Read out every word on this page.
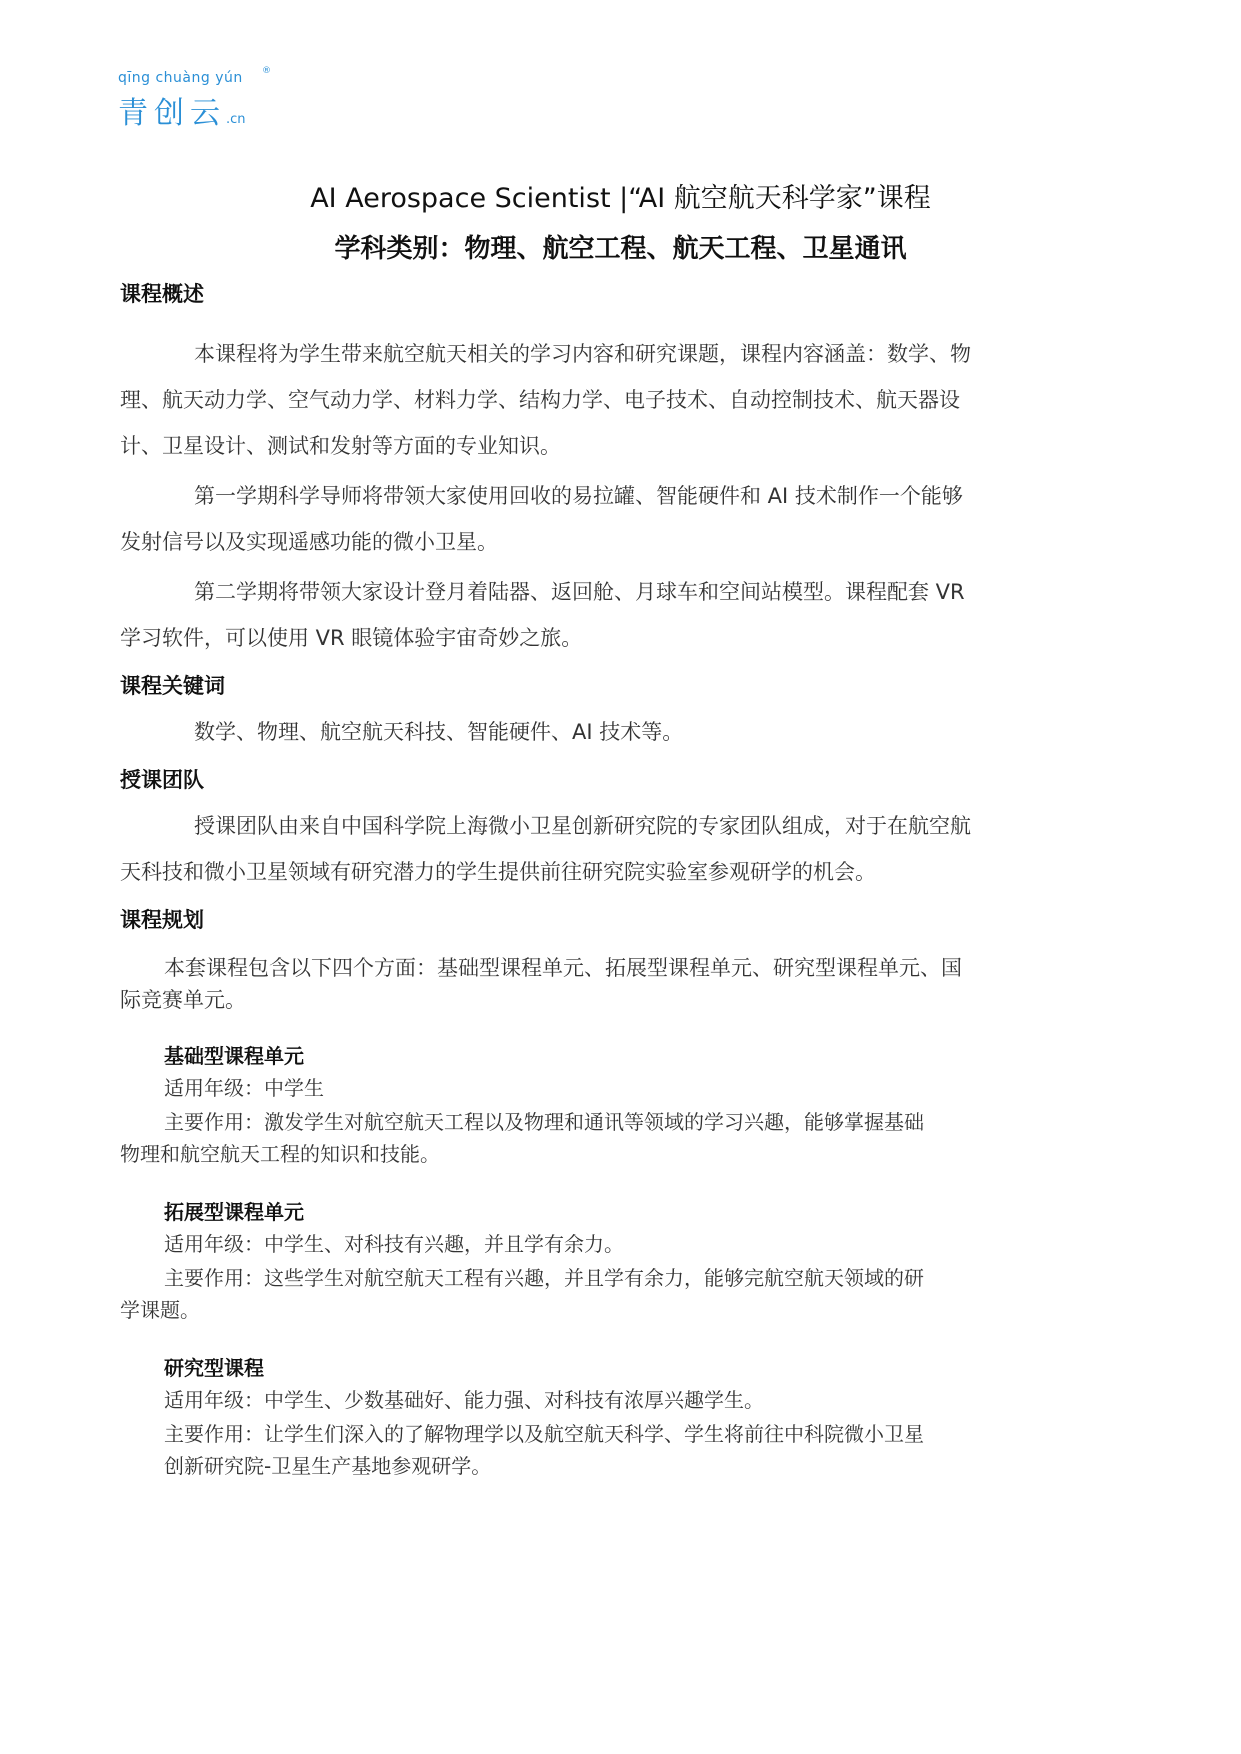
qīng chuàng yún ®
青创云.cn
AI Aerospace Scientist |“AI 航空航天科学家”课程
学科类别：物理、航空工程、航天工程、卫星通讯
课程概述
本课程将为学生带来航空航天相关的学习内容和研究课题，课程内容涵盖：数学、物
理、航天动力学、空气动力学、材料力学、结构力学、电子技术、自动控制技术、航天器设
计、卫星设计、测试和发射等方面的专业知识。
第一学期科学导师将带领大家使用回收的易拉罐、智能硬件和 AI 技术制作一个能够
发射信号以及实现遥感功能的微小卫星。
第二学期将带领大家设计登月着陆器、返回舱、月球车和空间站模型。课程配套 VR
学习软件，可以使用 VR 眼镜体验宇宙奇妙之旅。
课程关键词
数学、物理、航空航天科技、智能硬件、AI 技术等。
授课团队
授课团队由来自中国科学院上海微小卫星创新研究院的专家团队组成，对于在航空航
天科技和微小卫星领域有研究潜力的学生提供前往研究院实验室参观研学的机会。
课程规划
本套课程包含以下四个方面：基础型课程单元、拓展型课程单元、研究型课程单元、国
际竞赛单元。
基础型课程单元
适用年级：中学生
主要作用：激发学生对航空航天工程以及物理和通讯等领域的学习兴趣，能够掌握基础
物理和航空航天工程的知识和技能。
拓展型课程单元
适用年级：中学生、对科技有兴趣，并且学有余力。
主要作用：这些学生对航空航天工程有兴趣，并且学有余力，能够完航空航天领域的研
学课题。
研究型课程
适用年级：中学生、少数基础好、能力强、对科技有浓厚兴趣学生。
主要作用：让学生们深入的了解物理学以及航空航天科学、学生将前往中科院微小卫星
创新研究院-卫星生产基地参观研学。
